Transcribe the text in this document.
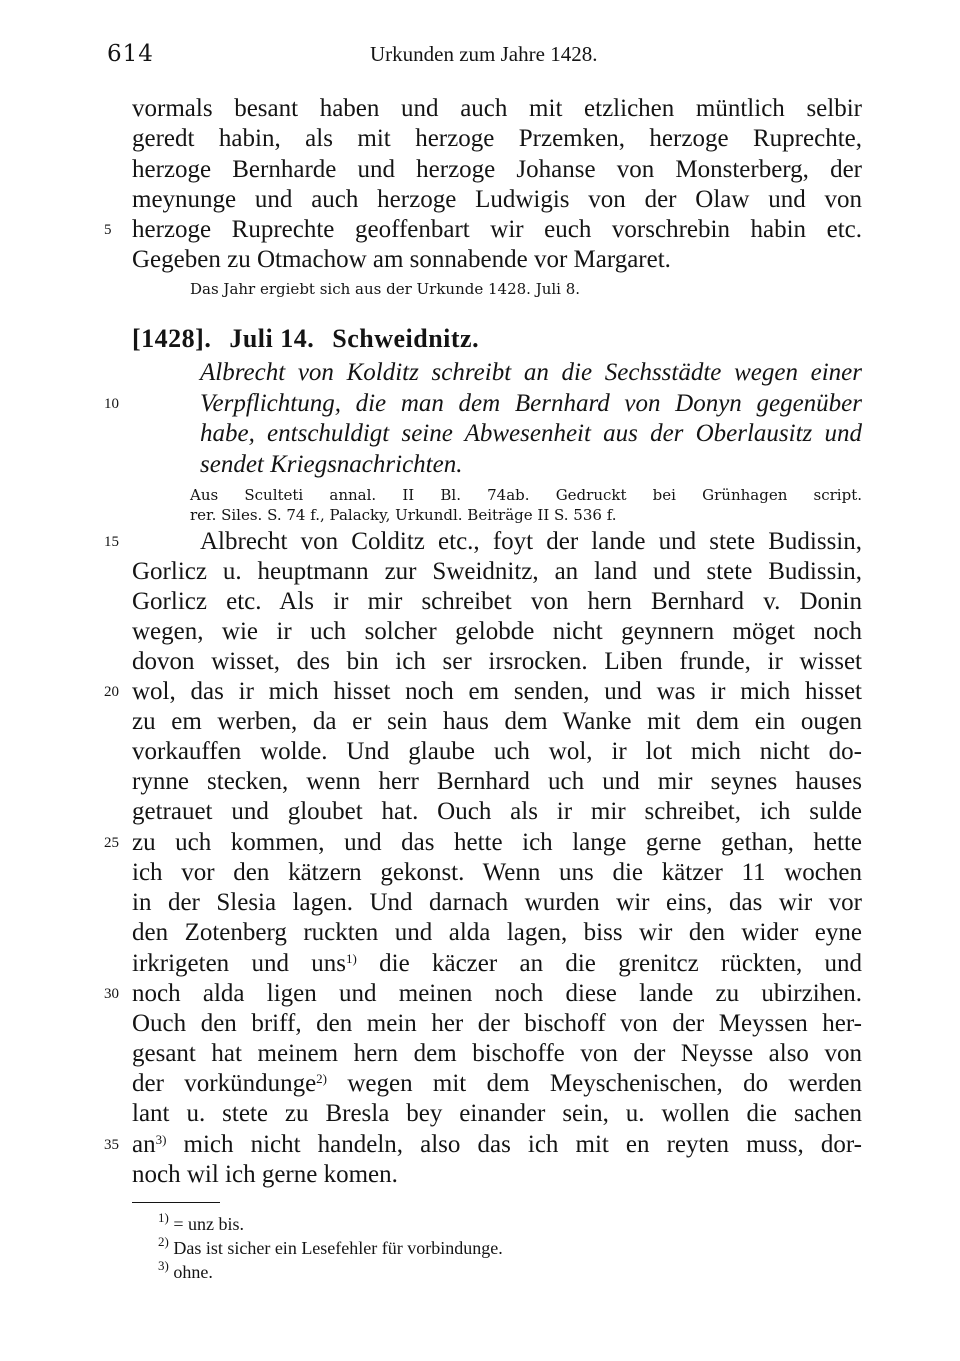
614	Urkunden zum Jahre 1428.

vormals besant haben und auch mit etzlichen müntlich selbir

geredt habin, als mit herzoge Przemken, herzoge Ruprechte,

herzoge Bernharde und herzoge Johanse von Monsterberg, der

meynunge und auch herzoge Ludwigis von der Olaw und von

herzoge Ruprechte geoffenbart wir euch vorschrebin habin etc.

Gegeben zu Otmachow am sonnabende vor Margaret.

Das Jahr ergiebt sich aus der Urkunde 1428. Juli 8.

[1428]. Juli 14. Schweidnitz.

Albrecht von Kolditz schreibt an die Sechsstädte wegen einer

Verpflichtung, die man dem Bernhard von Donyn gegenüber

habe, entschuldigt seine Abwesenheit aus der Oberlausitz und

sendet Kriegsnachrichten.

Aus Sculteti annal. II Bl. 74ab. Gedruckt bei Grünhagen script.

rer. Siles. S. 74 f., Palacky, Urkundl. Beiträge II S. 536 f.

Albrecht von Colditz etc., foyt der lande und stete Budissin,

Gorlicz u. heuptmann zur Sweidnitz, an land und stete Budissin,

Gorlicz etc. Als ir mir schreibet von hern Bernhard v. Donin

wegen, wie ir uch solcher gelobde nicht geynnern möget noch

dovon wisset, des bin ich ser irsrocken. Liben frunde, ir wisset

wol, das ir mich hisset noch em senden, und was ir mich hisset

zu em werben, da er sein haus dem Wanke mit dem ein ougen

vorkauffen wolde. Und glaube uch wol, ir lot mich nicht do-

rynne stecken, wenn herr Bernhard uch und mir seynes hauses

getrauet und gloubet hat. Ouch als ir mir schreibet, ich sulde

zu uch kommen, und das hette ich lange gerne gethan, hette

ich vor den kätzern gekonst. Wenn uns die kätzer 11 wochen

in der Slesia lagen. Und darnach wurden wir eins, das wir vor

den Zotenberg ruckten und alda lagen, biss wir den wider eyne

irkrigeten und uns$^{1)}$ die käczer an die grenitcz rückten, und

noch alda ligen und meinen noch diese lande zu ubirzihen.

Ouch den briff, den mein her der bischoff von der Meyssen her-

gesant hat meinem hern dem bischoffe von der Neysse also von

der vorkündunge$^{2)}$ wegen mit dem Meyschenischen, do werden

lant u. stete zu Bresla bey einander sein, u. wollen die sachen

$an^{3)}$ mich nicht handeln, also das ich mit en reyten muss, dor-

noch wil ich gerne komen.

5
10
15
20
25
30
35
$^{1)}$ = unz bis.
$^{2)}$ Das ist sicher ein Lesefehler für vorbindunge.
$^{3)}$ ohne.
